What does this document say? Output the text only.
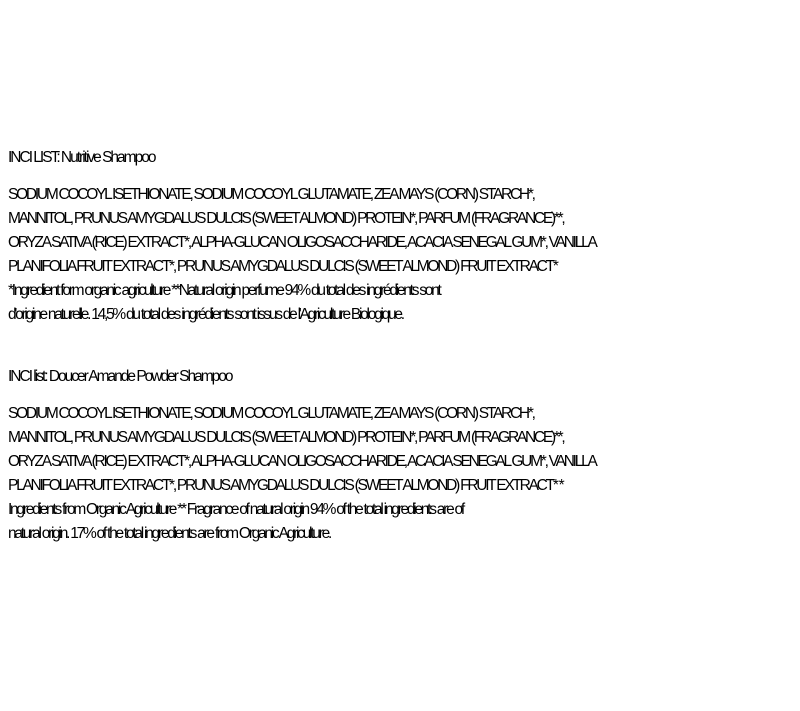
INCI LIST: Nutritive Shampoo

SODIUM COCOYL ISETHIONATE, SODIUM COCOYL GLUTAMATE, ZEA MAYS (CORN) STARCH*,

MANNITOL, PRUNUS AMYGDALUS DULCIS (SWEET ALMOND) PROTEIN*, PARFUM (FRAGRANCE)**,

ORYZA SATIVA (RICE) EXTRACT*, ALPHA-GLUCAN OLIGOSACCHARIDE, ACACIA SENEGAL GUM*, VANILLA

PLANIFOLIA FRUIT EXTRACT*, PRUNUS AMYGDALUS DULCIS (SWEET ALMOND) FRUIT EXTRACT*

*Ingredient form organic agriculture **Natural origin perfume 94% du total des ingrédients sont

d'origine naturelle. 14,5% du total des ingrédients sont issus de l'Agriculture Biologique.

INCI list: Doucer Amande Powder Shampoo

SODIUM COCOYL ISETHIONATE, SODIUM COCOYL GLUTAMATE, ZEA MAYS (CORN) STARCH*,

MANNITOL, PRUNUS AMYGDALUS DULCIS (SWEET ALMOND) PROTEIN*, PARFUM (FRAGRANCE)**,

ORYZA SATIVA (RICE) EXTRACT*, ALPHA-GLUCAN OLIGOSACCHARIDE, ACACIA SENEGAL GUM*, VANILLA

PLANIFOLIA FRUIT EXTRACT*, PRUNUS AMYGDALUS DULCIS (SWEET ALMOND) FRUIT EXTRACT* *

Ingredients from Organic Agriculture ** Fragrance of natural origin 94% of the total ingredients are of

natural origin. 17% of the total ingredients are from Organic Agriculture.
